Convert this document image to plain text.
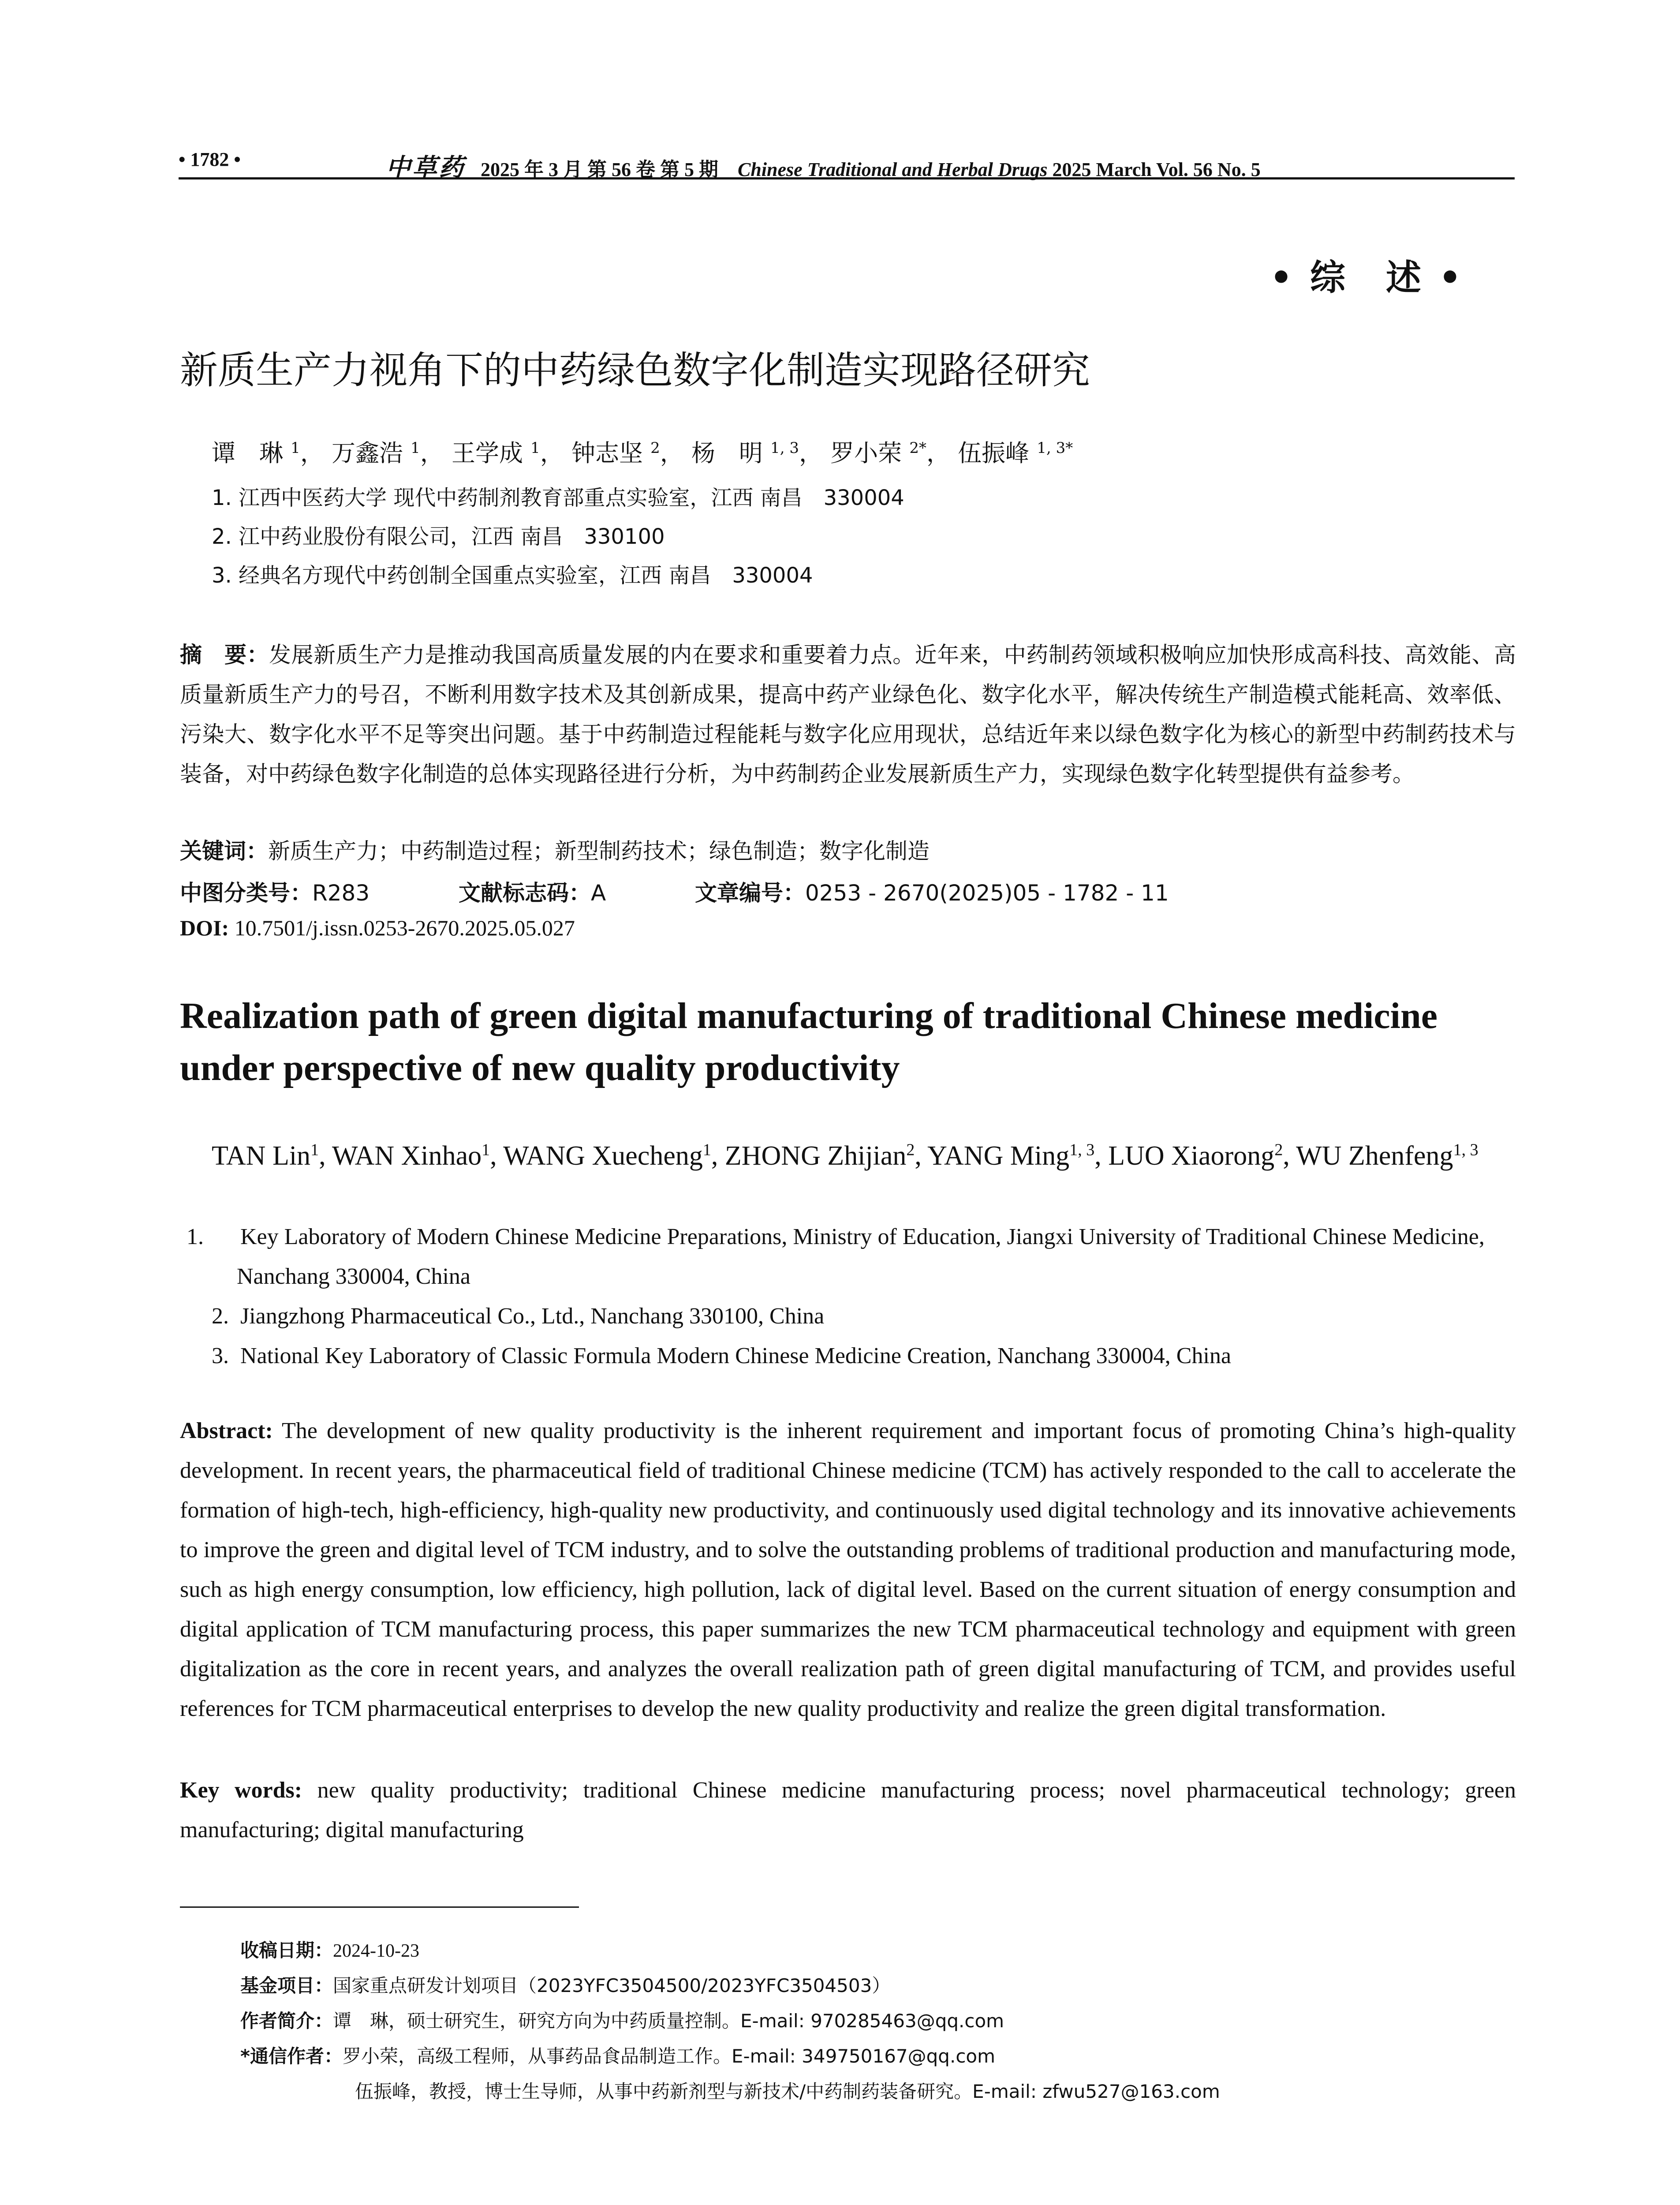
• 1782 •	中草药 2025 年 3 月 第 56 卷 第 5 期 Chinese Traditional and Herbal Drugs 2025 March Vol. 56 No. 5
• 综　述 •
新质生产力视角下的中药绿色数字化制造实现路径研究
谭　琳 $^1$， 万鑫浩 $^1$， 王学成 $^1$， 钟志坚 $^2$， 杨　明 $^{1, 3}$， 罗小荣 $^{2*}$， 伍振峰 $^{1, 3*}$
1. 江西中医药大学 现代中药制剂教育部重点实验室，江西 南昌　330004
2. 江中药业股份有限公司，江西 南昌　330100
3. 经典名方现代中药创制全国重点实验室，江西 南昌　330004
摘　要：发展新质生产力是推动我国高质量发展的内在要求和重要着力点。近年来，中药制药领域积极响应加快形成高科技、高效能、高质量新质生产力的号召，不断利用数字技术及其创新成果，提高中药产业绿色化、数字化水平，解决传统生产制造模式能耗高、效率低、污染大、数字化水平不足等突出问题。基于中药制造过程能耗与数字化应用现状，总结近年来以绿色数字化为核心的新型中药制药技术与装备，对中药绿色数字化制造的总体实现路径进行分析，为中药制药企业发展新质生产力，实现绿色数字化转型提供有益参考。
关键词：新质生产力；中药制造过程；新型制药技术；绿色制造；数字化制造
中图分类号：R283	文献标志码：A	文章编号：0253 - 2670(2025)05 - 1782 - 11
DOI: 10.7501/j.issn.0253-2670.2025.05.027
Realization path of green digital manufacturing of traditional Chinese medicine under perspective of new quality productivity
TAN Lin$^1$, WAN Xinhao$^1$, WANG Xuecheng$^1$, ZHONG Zhijian$^2$, YANG Ming$^{1, 3}$, LUO Xiaorong$^2$, WU Zhenfeng$^{1, 3}$
1. Key Laboratory of Modern Chinese Medicine Preparations, Ministry of Education, Jiangxi University of Traditional Chinese Medicine, Nanchang 330004, China
2. Jiangzhong Pharmaceutical Co., Ltd., Nanchang 330100, China
3. National Key Laboratory of Classic Formula Modern Chinese Medicine Creation, Nanchang 330004, China
Abstract: The development of new quality productivity is the inherent requirement and important focus of promoting China’s high-quality development. In recent years, the pharmaceutical field of traditional Chinese medicine (TCM) has actively responded to the call to accelerate the formation of high-tech, high-efficiency, high-quality new productivity, and continuously used digital technology and its innovative achievements to improve the green and digital level of TCM industry, and to solve the outstanding problems of traditional production and manufacturing mode, such as high energy consumption, low efficiency, high pollution, lack of digital level. Based on the current situation of energy consumption and digital application of TCM manufacturing process, this paper summarizes the new TCM pharmaceutical technology and equipment with green digitalization as the core in recent years, and analyzes the overall realization path of green digital manufacturing of TCM, and provides useful references for TCM pharmaceutical enterprises to develop the new quality productivity and realize the green digital transformation.
Key words: new quality productivity; traditional Chinese medicine manufacturing process; novel pharmaceutical technology; green manufacturing; digital manufacturing
收稿日期：2024-10-23
基金项目：国家重点研发计划项目（2023YFC3504500/2023YFC3504503）
作者简介：谭　琳，硕士研究生，研究方向为中药质量控制。E-mail: 970285463@qq.com
*通信作者：罗小荣，高级工程师，从事药品食品制造工作。E-mail: 349750167@qq.com
伍振峰，教授，博士生导师，从事中药新剂型与新技术/中药制药装备研究。E-mail: zfwu527@163.com
